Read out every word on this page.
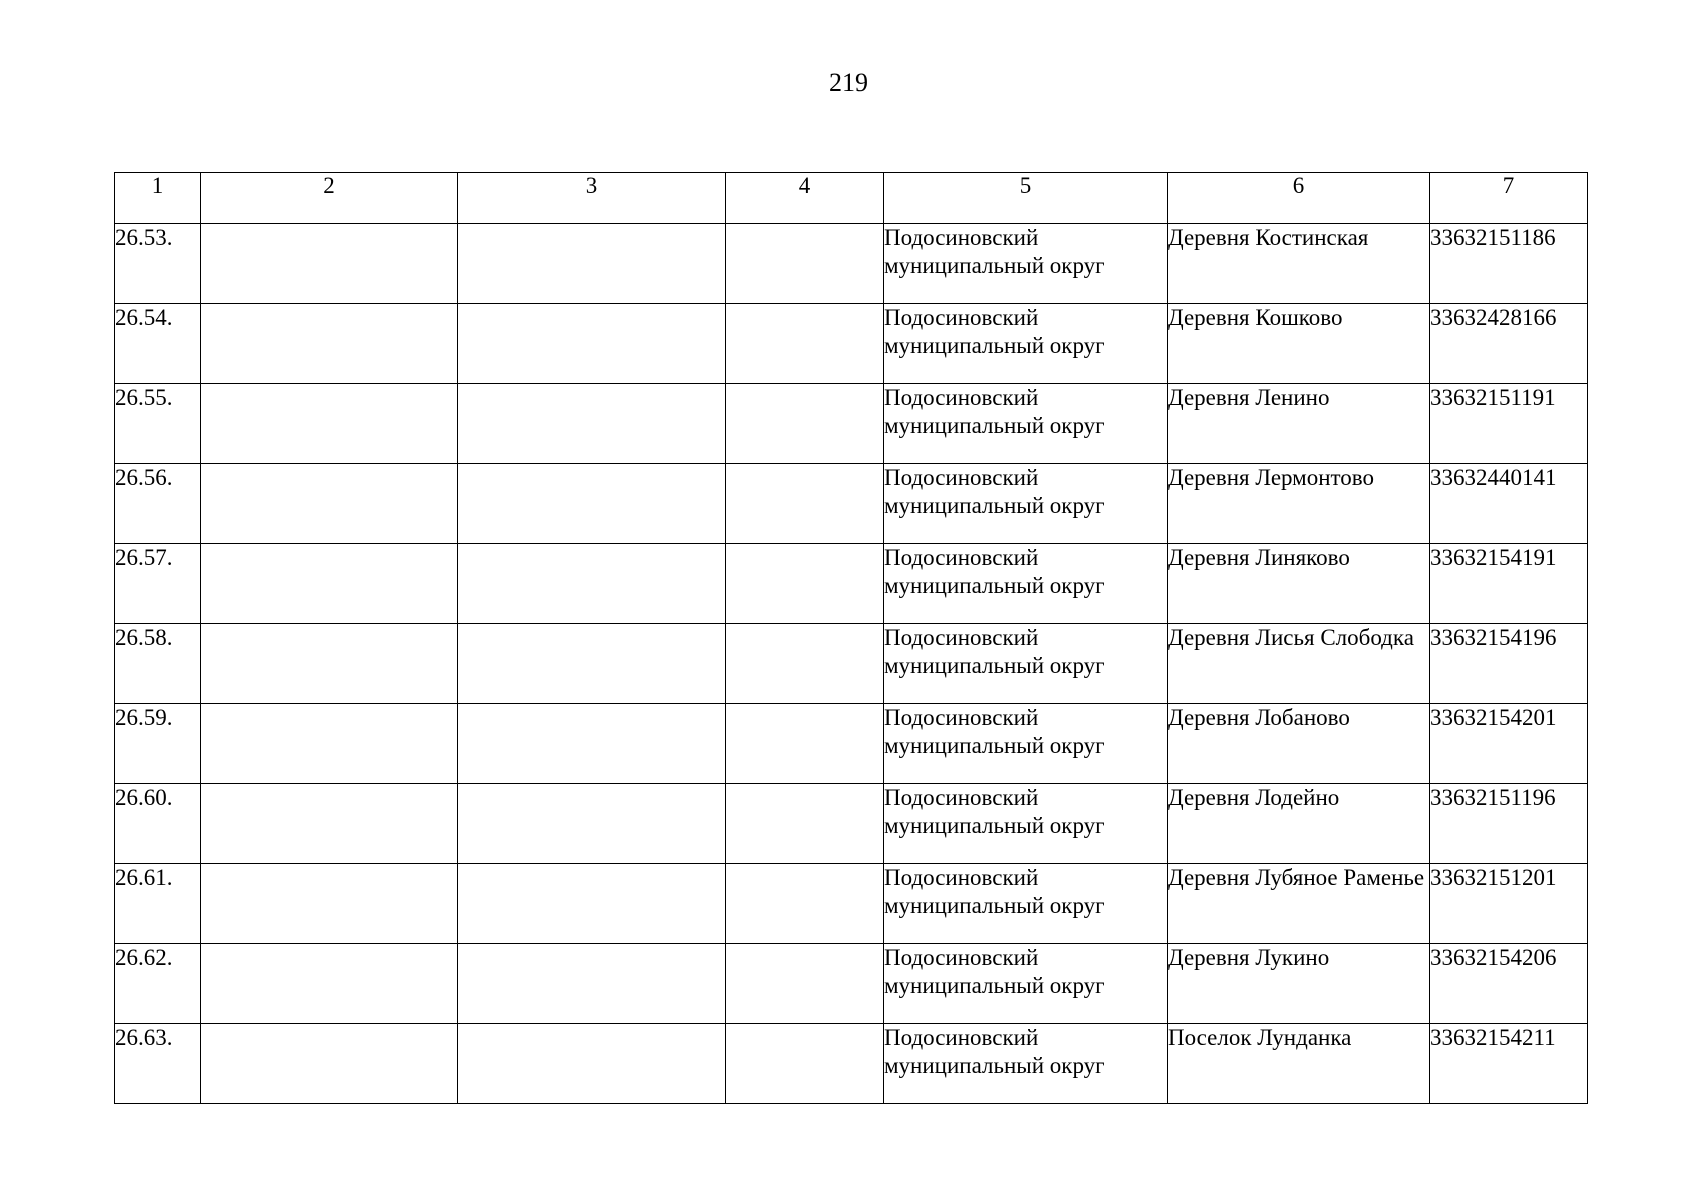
219
1	2	3	4	5	6	7
26.53.				Подосиновский муниципальный округ	Деревня Костинская	33632151186
26.54.				Подосиновский муниципальный округ	Деревня Кошково	33632428166
26.55.				Подосиновский муниципальный округ	Деревня Ленино	33632151191
26.56.				Подосиновский муниципальный округ	Деревня Лермонтово	33632440141
26.57.				Подосиновский муниципальный округ	Деревня Линяково	33632154191
26.58.				Подосиновский муниципальный округ	Деревня Лисья Слободка	33632154196
26.59.				Подосиновский муниципальный округ	Деревня Лобаново	33632154201
26.60.				Подосиновский муниципальный округ	Деревня Лодейно	33632151196
26.61.				Подосиновский муниципальный округ	Деревня Лубяное Раменье	33632151201
26.62.				Подосиновский муниципальный округ	Деревня Лукино	33632154206
26.63.				Подосиновский муниципальный округ	Поселок Лунданка	33632154211
